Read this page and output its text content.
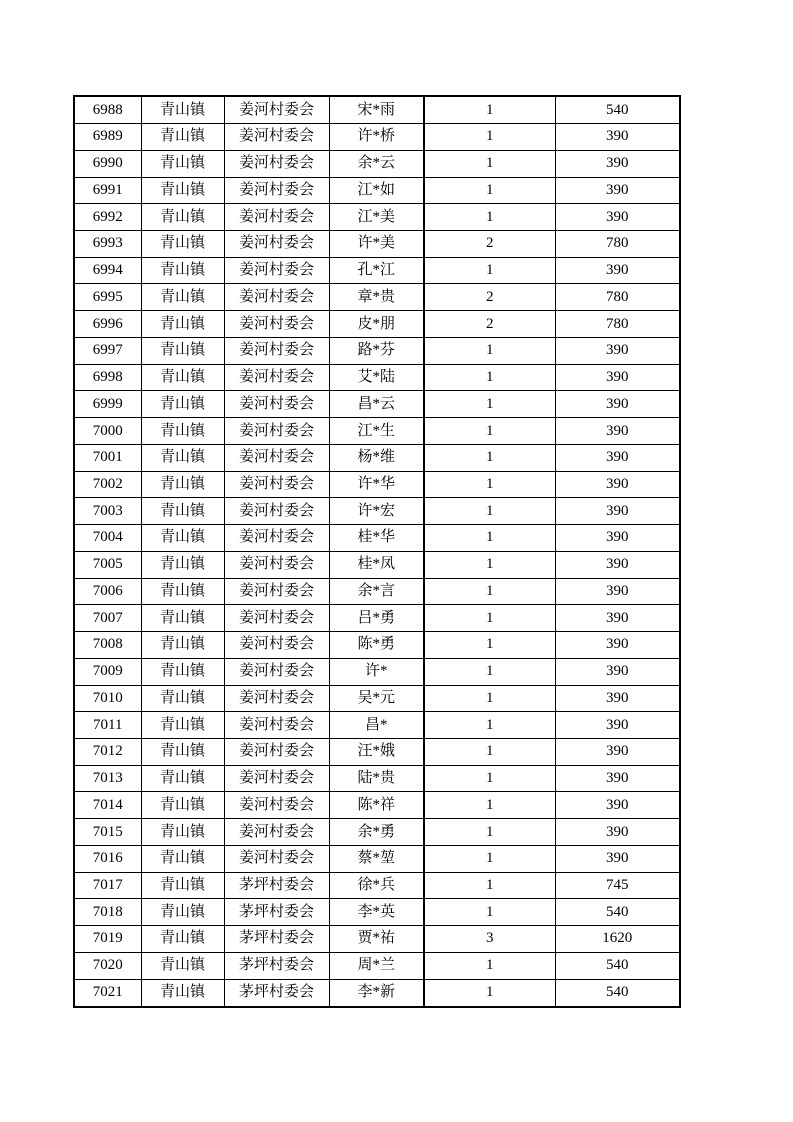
6988	青山镇	姜河村委会	宋*雨	1	540
6989	青山镇	姜河村委会	许*桥	1	390
6990	青山镇	姜河村委会	余*云	1	390
6991	青山镇	姜河村委会	江*如	1	390
6992	青山镇	姜河村委会	江*美	1	390
6993	青山镇	姜河村委会	许*美	2	780
6994	青山镇	姜河村委会	孔*江	1	390
6995	青山镇	姜河村委会	章*贵	2	780
6996	青山镇	姜河村委会	皮*朋	2	780
6997	青山镇	姜河村委会	路*芬	1	390
6998	青山镇	姜河村委会	艾*陆	1	390
6999	青山镇	姜河村委会	昌*云	1	390
7000	青山镇	姜河村委会	江*生	1	390
7001	青山镇	姜河村委会	杨*维	1	390
7002	青山镇	姜河村委会	许*华	1	390
7003	青山镇	姜河村委会	许*宏	1	390
7004	青山镇	姜河村委会	桂*华	1	390
7005	青山镇	姜河村委会	桂*凤	1	390
7006	青山镇	姜河村委会	余*言	1	390
7007	青山镇	姜河村委会	吕*勇	1	390
7008	青山镇	姜河村委会	陈*勇	1	390
7009	青山镇	姜河村委会	许*	1	390
7010	青山镇	姜河村委会	吴*元	1	390
7011	青山镇	姜河村委会	昌*	1	390
7012	青山镇	姜河村委会	汪*娥	1	390
7013	青山镇	姜河村委会	陆*贵	1	390
7014	青山镇	姜河村委会	陈*祥	1	390
7015	青山镇	姜河村委会	余*勇	1	390
7016	青山镇	姜河村委会	蔡*堃	1	390
7017	青山镇	茅坪村委会	徐*兵	1	745
7018	青山镇	茅坪村委会	李*英	1	540
7019	青山镇	茅坪村委会	贾*祐	3	1620
7020	青山镇	茅坪村委会	周*兰	1	540
7021	青山镇	茅坪村委会	李*新	1	540
